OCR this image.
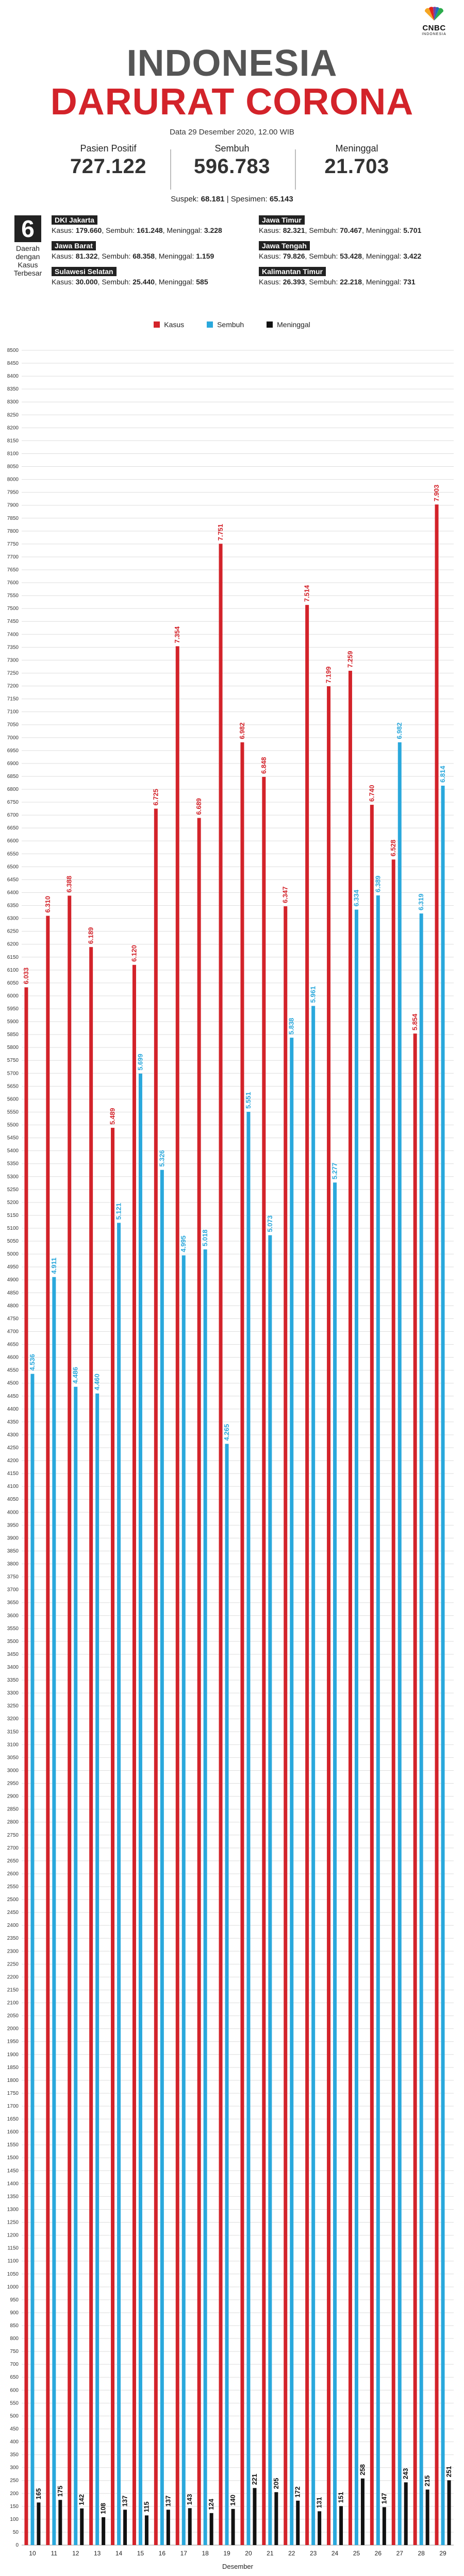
CNBC
INDONESIA
INDONESIA
DARURAT CORONA
Data 29 Desember 2020, 12.00 WIB
Pasien Positif
727.122
Sembuh
596.783
Meninggal
21.703
Suspek: 68.181 | Spesimen: 65.143
6
Daerah dengan Kasus Terbesar
DKI Jakarta
Kasus: 179.660, Sembuh: 161.248, Meninggal: 3.228
Jawa Timur
Kasus: 82.321, Sembuh: 70.467, Meninggal: 5.701
Jawa Barat
Kasus: 81.322, Sembuh: 68.358, Meninggal: 1.159
Jawa Tengah
Kasus: 79.826, Sembuh: 53.428, Meninggal: 3.422
Sulawesi Selatan
Kasus: 30.000, Sembuh: 25.440, Meninggal: 585
Kalimantan Timur
Kasus: 26.393, Sembuh: 22.218, Meninggal: 731
Kasus	Sembuh	Meninggal
0
50
100
150
200
250
300
350
400
450
500
550
600
650
700
750
800
850
900
950
1000
1050
1100
1150
1200
1250
1300
1350
1400
1450
1500
1550
1600
1650
1700
1750
1800
1850
1900
1950
2000
2050
2100
2150
2200
2250
2300
2350
2400
2450
2500
2550
2600
2650
2700
2750
2800
2850
2900
2950
3000
3050
3100
3150
3200
3250
3300
3350
3400
3450
3500
3550
3600
3650
3700
3750
3800
3850
3900
3950
4000
4050
4100
4150
4200
4250
4300
4350
4400
4450
4500
4550
4600
4650
4700
4750
4800
4850
4900
4950
5000
5050
5100
5150
5200
5250
5300
5350
5400
5450
5500
5550
5600
5650
5700
5750
5800
5850
5900
5950
6000
6050
6100
6150
6200
6250
6300
6350
6400
6450
6500
6550
6600
6650
6700
6750
6800
6850
6900
6950
7000
7050
7100
7150
7200
7250
7300
7350
7400
7450
7500
7550
7600
7650
7700
7750
7800
7850
7900
7950
8000
8050
8100
8150
8200
8250
8300
8350
8400
8450
8500
6.033
4.536
165
10
6.310
4.911
175
11
6.388
4.486
142
12
6.189
4.460
108
13
5.489
5.121
137
14
6.120
5.699
115
15
6.725
5.326
137
16
7.354
4.995
143
17
6.689
5.018
124
18
7.751
4.265
140
19
6.982
5.551
221
20
6.848
5.073
205
21
6.347
5.838
172
22
7.514
5.961
131
23
7.199
5.277
151
24
7.259
6.334
258
25
6.740
6.389
147
26
6.528
6.982
243
27
5.854
6.319
215
28
7.903
6.814
251
29
Desember
